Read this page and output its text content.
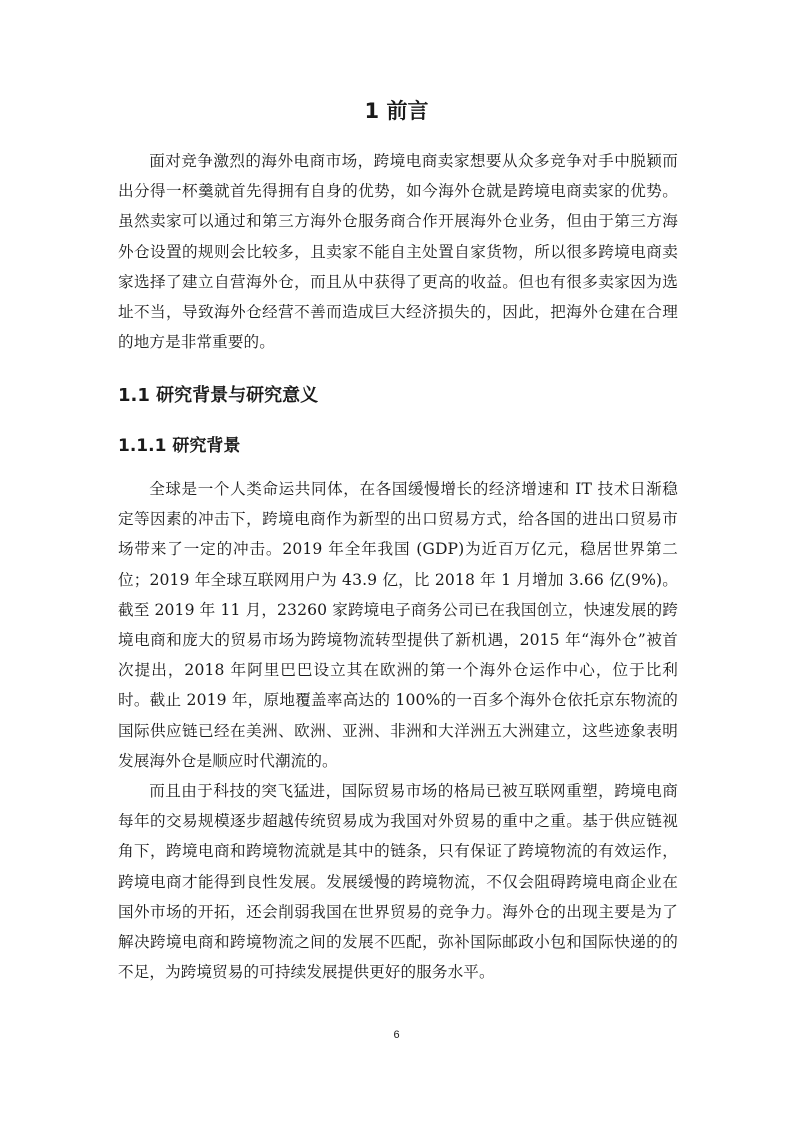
1 前言

面对竞争激烈的海外电商市场，跨境电商卖家想要从众多竞争对手中脱颖而出分得一杯羹就首先得拥有自身的优势，如今海外仓就是跨境电商卖家的优势。虽然卖家可以通过和第三方海外仓服务商合作开展海外仓业务，但由于第三方海外仓设置的规则会比较多，且卖家不能自主处置自家货物，所以很多跨境电商卖家选择了建立自营海外仓，而且从中获得了更高的收益。但也有很多卖家因为选址不当，导致海外仓经营不善而造成巨大经济损失的，因此，把海外仓建在合理的地方是非常重要的。

1.1 研究背景与研究意义
1.1.1 研究背景

全球是一个人类命运共同体，在各国缓慢增长的经济增速和 IT 技术日渐稳定等因素的冲击下，跨境电商作为新型的出口贸易方式，给各国的进出口贸易市场带来了一定的冲击。2019 年全年我国 (GDP)为近百万亿元，稳居世界第二位；2019 年全球互联网用户为 43.9 亿，比 2018 年 1 月增加 3.66 亿(9%)。截至 2019 年 11 月，23260 家跨境电子商务公司已在我国创立，快速发展的跨境电商和庞大的贸易市场为跨境物流转型提供了新机遇，2015 年“海外仓”被首次提出，2018 年阿里巴巴设立其在欧洲的第一个海外仓运作中心，位于比利时。截止 2019 年，原地覆盖率高达的 100%的一百多个海外仓依托京东物流的国际供应链已经在美洲、欧洲、亚洲、非洲和大洋洲五大洲建立，这些迹象表明发展海外仓是顺应时代潮流的。

而且由于科技的突飞猛进，国际贸易市场的格局已被互联网重塑，跨境电商每年的交易规模逐步超越传统贸易成为我国对外贸易的重中之重。基于供应链视角下，跨境电商和跨境物流就是其中的链条，只有保证了跨境物流的有效运作，跨境电商才能得到良性发展。发展缓慢的跨境物流，不仅会阻碍跨境电商企业在国外市场的开拓，还会削弱我国在世界贸易的竞争力。海外仓的出现主要是为了解决跨境电商和跨境物流之间的发展不匹配，弥补国际邮政小包和国际快递的的不足，为跨境贸易的可持续发展提供更好的服务水平。

6
